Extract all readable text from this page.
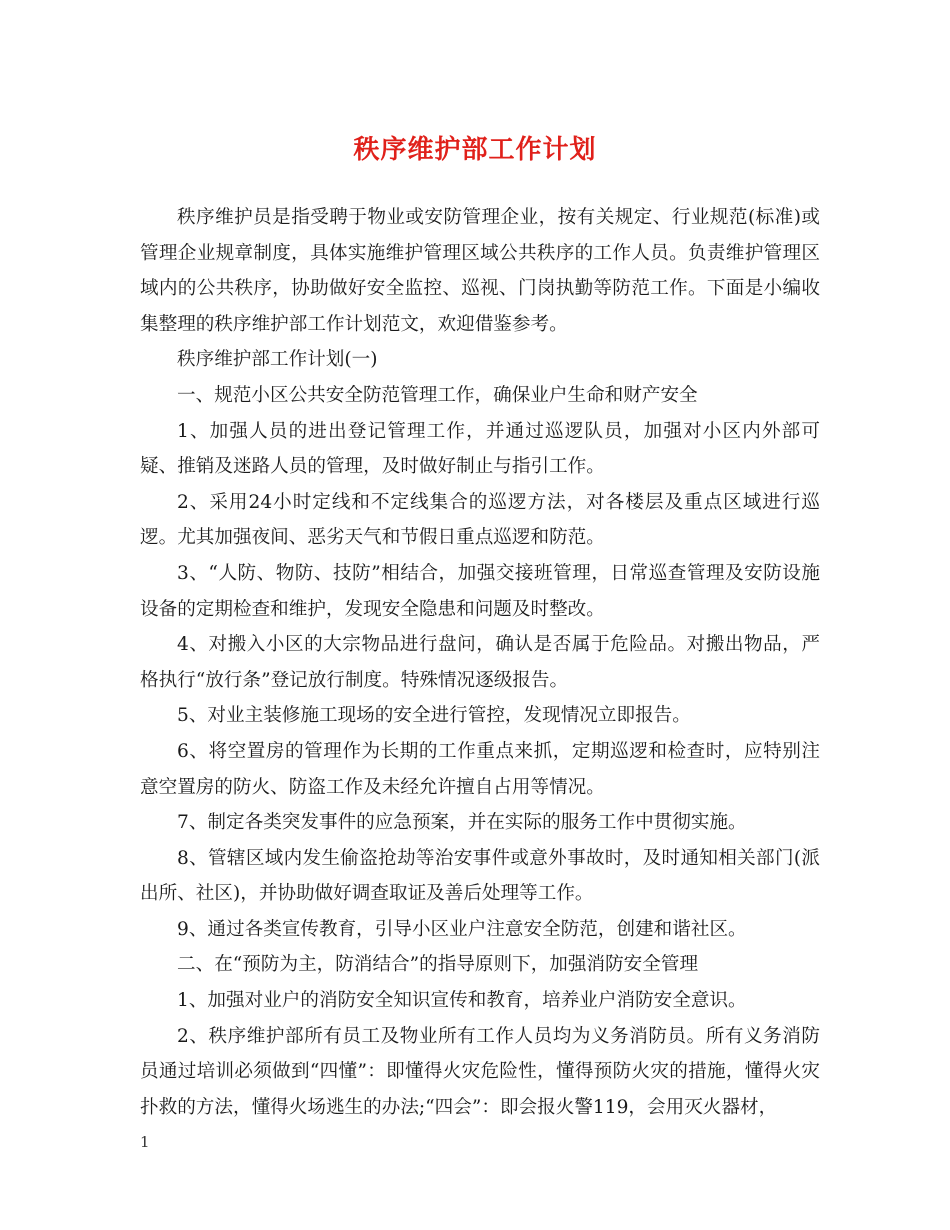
秩序维护部工作计划

秩序维护员是指受聘于物业或安防管理企业，按有关规定、行业规范(标准)或管理企业规章制度，具体实施维护管理区域公共秩序的工作人员。负责维护管理区域内的公共秩序，协助做好安全监控、巡视、门岗执勤等防范工作。下面是小编收集整理的秩序维护部工作计划范文，欢迎借鉴参考。

秩序维护部工作计划(一)

一、规范小区公共安全防范管理工作，确保业户生命和财产安全

1、加强人员的进出登记管理工作，并通过巡逻队员，加强对小区内外部可疑、推销及迷路人员的管理，及时做好制止与指引工作。

2、采用24小时定线和不定线集合的巡逻方法，对各楼层及重点区域进行巡逻。尤其加强夜间、恶劣天气和节假日重点巡逻和防范。

3、“人防、物防、技防”相结合，加强交接班管理，日常巡查管理及安防设施设备的定期检查和维护，发现安全隐患和问题及时整改。

4、对搬入小区的大宗物品进行盘问，确认是否属于危险品。对搬出物品，严格执行“放行条”登记放行制度。特殊情况逐级报告。

5、对业主装修施工现场的安全进行管控，发现情况立即报告。

6、将空置房的管理作为长期的工作重点来抓，定期巡逻和检查时，应特别注意空置房的防火、防盗工作及未经允许擅自占用等情况。

7、制定各类突发事件的应急预案，并在实际的服务工作中贯彻实施。

8、管辖区域内发生偷盗抢劫等治安事件或意外事故时，及时通知相关部门(派出所、社区)，并协助做好调查取证及善后处理等工作。

9、通过各类宣传教育，引导小区业户注意安全防范，创建和谐社区。

二、在“预防为主，防消结合”的指导原则下，加强消防安全管理

1、加强对业户的消防安全知识宣传和教育，培养业户消防安全意识。

2、秩序维护部所有员工及物业所有工作人员均为义务消防员。所有义务消防员通过培训必须做到“四懂”：即懂得火灾危险性，懂得预防火灾的措施，懂得火灾扑救的方法，懂得火场逃生的办法;“四会”：即会报火警119，会用灭火器材，

1
